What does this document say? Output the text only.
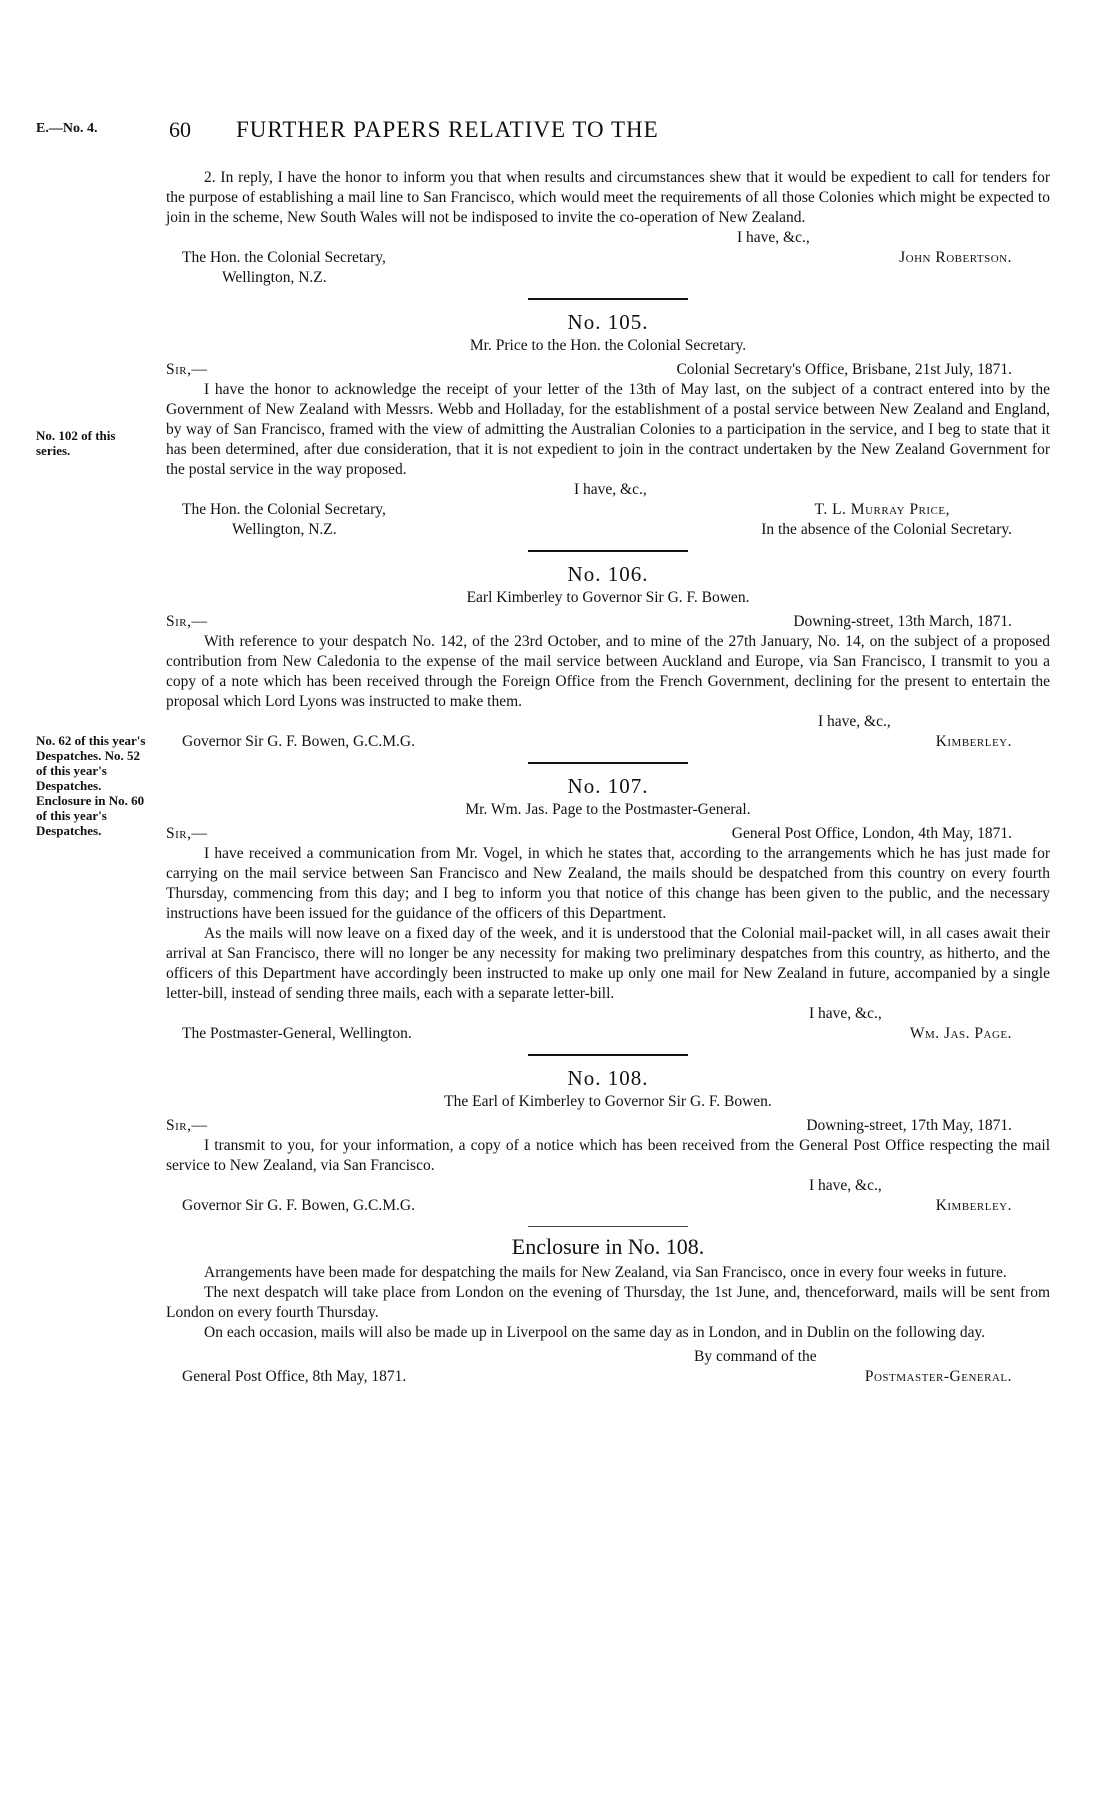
E.—No. 4.	60 FURTHER PAPERS RELATIVE TO THE
No. 102 of this series.
No. 62 of this year's Despatches. No. 52 of this year's Despatches. Enclosure in No. 60 of this year's Despatches.

2. In reply, I have the honor to inform you that when results and circumstances shew that it would be expedient to call for tenders for the purpose of establishing a mail line to San Francisco, which would meet the requirements of all those Colonies which might be expected to join in the scheme, New South Wales will not be indisposed to invite the co-operation of New Zealand.

I have, &c.,
The Hon. the Colonial Secretary,	John Robertson.
Wellington, N.Z.
No. 105.
Mr. Price to the Hon. the Colonial Secretary.
Sir,—	Colonial Secretary's Office, Brisbane, 21st July, 1871.

I have the honor to acknowledge the receipt of your letter of the 13th of May last, on the subject of a contract entered into by the Government of New Zealand with Messrs. Webb and Holladay, for the establishment of a postal service between New Zealand and England, by way of San Francisco, framed with the view of admitting the Australian Colonies to a participation in the service, and I beg to state that it has been determined, after due consideration, that it is not expedient to join in the contract undertaken by the New Zealand Government for the postal service in the way proposed.

I have, &c.,
The Hon. the Colonial Secretary,	T. L. Murray Price,
Wellington, N.Z.	In the absence of the Colonial Secretary.
No. 106.
Earl Kimberley to Governor Sir G. F. Bowen.
Sir,—	Downing-street, 13th March, 1871.

With reference to your despatch No. 142, of the 23rd October, and to mine of the 27th January, No. 14, on the subject of a proposed contribution from New Caledonia to the expense of the mail service between Auckland and Europe, via San Francisco, I transmit to you a copy of a note which has been received through the Foreign Office from the French Government, declining for the present to entertain the proposal which Lord Lyons was instructed to make them.

I have, &c.,
Governor Sir G. F. Bowen, G.C.M.G.	Kimberley.
No. 107.
Mr. Wm. Jas. Page to the Postmaster-General.
Sir,—	General Post Office, London, 4th May, 1871.

I have received a communication from Mr. Vogel, in which he states that, according to the arrangements which he has just made for carrying on the mail service between San Francisco and New Zealand, the mails should be despatched from this country on every fourth Thursday, commencing from this day; and I beg to inform you that notice of this change has been given to the public, and the necessary instructions have been issued for the guidance of the officers of this Department.

As the mails will now leave on a fixed day of the week, and it is understood that the Colonial mail-packet will, in all cases await their arrival at San Francisco, there will no longer be any necessity for making two preliminary despatches from this country, as hitherto, and the officers of this Department have accordingly been instructed to make up only one mail for New Zealand in future, accompanied by a single letter-bill, instead of sending three mails, each with a separate letter-bill.

I have, &c.,
The Postmaster-General, Wellington.	Wm. Jas. Page.
No. 108.
The Earl of Kimberley to Governor Sir G. F. Bowen.
Sir,—	Downing-street, 17th May, 1871.

I transmit to you, for your information, a copy of a notice which has been received from the General Post Office respecting the mail service to New Zealand, via San Francisco.

I have, &c.,
Governor Sir G. F. Bowen, G.C.M.G.	Kimberley.
Enclosure in No. 108.

Arrangements have been made for despatching the mails for New Zealand, via San Francisco, once in every four weeks in future.

The next despatch will take place from London on the evening of Thursday, the 1st June, and, thenceforward, mails will be sent from London on every fourth Thursday.

On each occasion, mails will also be made up in Liverpool on the same day as in London, and in Dublin on the following day.

By command of the
General Post Office, 8th May, 1871.	Postmaster-General.
